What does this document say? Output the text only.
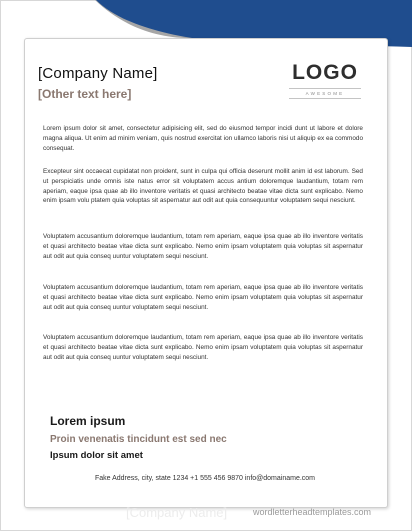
[Company Name]
[Other text here]
LOGO
AWESOME

Lorem ipsum dolor sit amet, consectetur adipisicing elit, sed do eiusmod tempor incidi dunt ut labore et dolore magna aliqua. Ut enim ad minim veniam, quis nostrud exercitat ion ullamco laboris nisi ut aliquip ex ea commodo consequat.

Excepteur sint occaecat cupidatat non proident, sunt in culpa qui officia deserunt mollit anim id est laborum. Sed ut perspiciatis unde omnis iste natus error sit voluptatem accus antium doloremque laudantium, totam rem aperiam, eaque ipsa quae ab illo inventore veritatis et quasi architecto beatae vitae dicta sunt explicabo. Nemo enim ipsam volu ptatem quia voluptas sit aspernatur aut odit aut quia consequuntur voluptatem sequi nesciunt.

Voluptatem accusantium doloremque laudantium, totam rem aperiam, eaque ipsa quae ab illo inventore veritatis et quasi architecto beatae vitae dicta sunt explicabo. Nemo enim ipsam voluptatem quia voluptas sit aspernatur aut odit aut quia conseq uuntur voluptatem sequi nesciunt.

Voluptatem accusantium doloremque laudantium, totam rem aperiam, eaque ipsa quae ab illo inventore veritatis et quasi architecto beatae vitae dicta sunt explicabo. Nemo enim ipsam voluptatem quia voluptas sit aspernatur aut odit aut quia conseq uuntur voluptatem sequi nesciunt.

Voluptatem accusantium doloremque laudantium, totam rem aperiam, eaque ipsa quae ab illo inventore veritatis et quasi architecto beatae vitae dicta sunt explicabo. Nemo enim ipsam voluptatem quia voluptas sit aspernatur aut odit aut quia conseq uuntur voluptatem sequi nesciunt.

Lorem ipsum
Proin venenatis tincidunt est sed nec
Ipsum dolor sit amet
Fake Address, city, state 1234 +1 555 456 9870 info@domainame.com
[Company Name]	wordletterheadtemplates.com
